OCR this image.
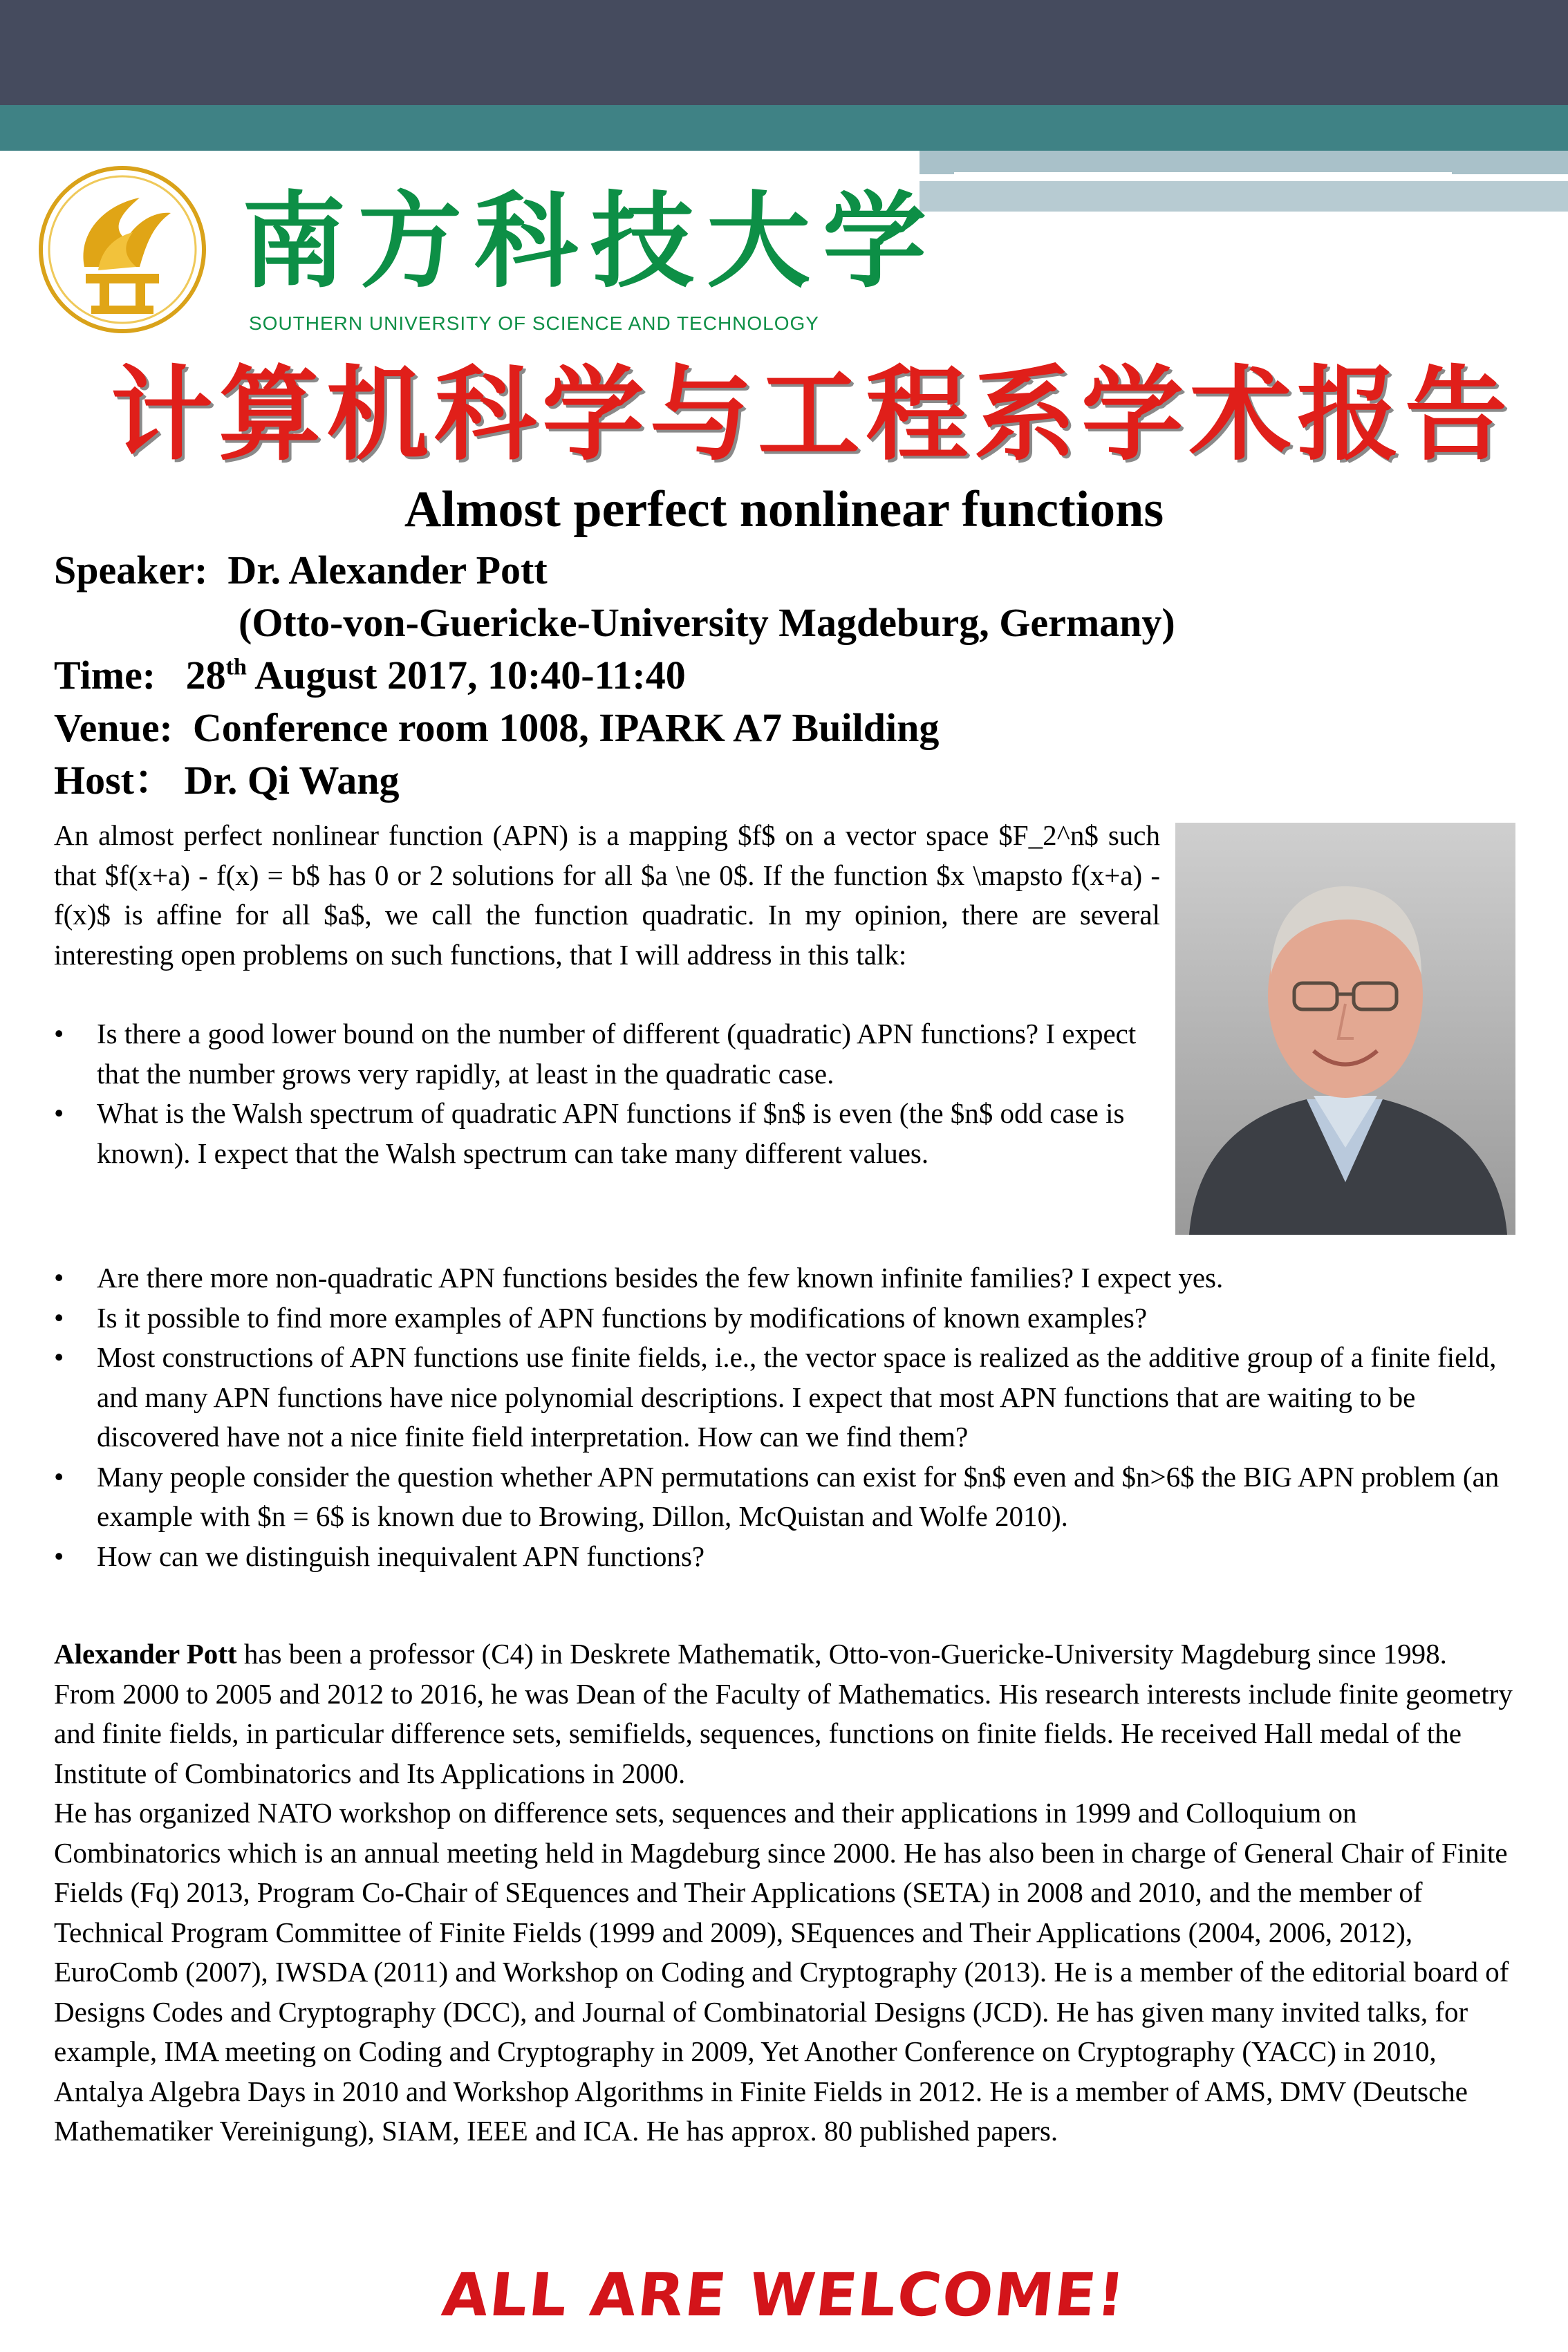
南方科技大学
SOUTHERN UNIVERSITY OF SCIENCE AND TECHNOLOGY
计算机科学与工程系学术报告
Almost perfect nonlinear functions
Speaker: Dr. Alexander Pott
(Otto-von-Guericke-University Magdeburg, Germany)
Time: 28th August 2017, 10:40-11:40
Venue: Conference room 1008, IPARK A7 Building
Host： Dr. Qi Wang

An almost perfect nonlinear function (APN) is a mapping $f$ on a vector space $F_2^n$ such that $f(x+a) - f(x) = b$ has 0 or 2 solutions for all $a \ne 0$. If the function $x \mapsto f(x+a) - f(x)$ is affine for all $a$, we call the function quadratic. In my opinion, there are several interesting open problems on such functions, that I will address in this talk:

• Is there a good lower bound on the number of different (quadratic) APN functions? I expect that the number grows very rapidly, at least in the quadratic case.
• What is the Walsh spectrum of quadratic APN functions if $n$ is even (the $n$ odd case is known). I expect that the Walsh spectrum can take many different values.
• Are there more non-quadratic APN functions besides the few known infinite families? I expect yes.
• Is it possible to find more examples of APN functions by modifications of known examples?
• Most constructions of APN functions use finite fields, i.e., the vector space is realized as the additive group of a finite field, and many APN functions have nice polynomial descriptions. I expect that most APN functions that are waiting to be discovered have not a nice finite field interpretation. How can we find them?
• Many people consider the question whether APN permutations can exist for $n$ even and $n>6$ the BIG APN problem (an example with $n = 6$ is known due to Browing, Dillon, McQuistan and Wolfe 2010).
• How can we distinguish inequivalent APN functions?

Alexander Pott has been a professor (C4) in Deskrete Mathematik, Otto-von-Guericke-University Magdeburg since 1998. From 2000 to 2005 and 2012 to 2016, he was Dean of the Faculty of Mathematics. His research interests include finite geometry and finite fields, in particular difference sets, semifields, sequences, functions on finite fields. He received Hall medal of the Institute of Combinatorics and Its Applications in 2000.

He has organized NATO workshop on difference sets, sequences and their applications in 1999 and Colloquium on Combinatorics which is an annual meeting held in Magdeburg since 2000. He has also been in charge of General Chair of Finite Fields (Fq) 2013, Program Co-Chair of SEquences and Their Applications (SETA) in 2008 and 2010, and the member of Technical Program Committee of Finite Fields (1999 and 2009), SEquences and Their Applications (2004, 2006, 2012), EuroComb (2007), IWSDA (2011) and Workshop on Coding and Cryptography (2013). He is a member of the editorial board of Designs Codes and Cryptography (DCC), and Journal of Combinatorial Designs (JCD). He has given many invited talks, for example, IMA meeting on Coding and Cryptography in 2009, Yet Another Conference on Cryptography (YACC) in 2010, Antalya Algebra Days in 2010 and Workshop Algorithms in Finite Fields in 2012. He is a member of AMS, DMV (Deutsche Mathematiker Vereinigung), SIAM, IEEE and ICA. He has approx. 80 published papers.

ALL ARE WELCOME!
